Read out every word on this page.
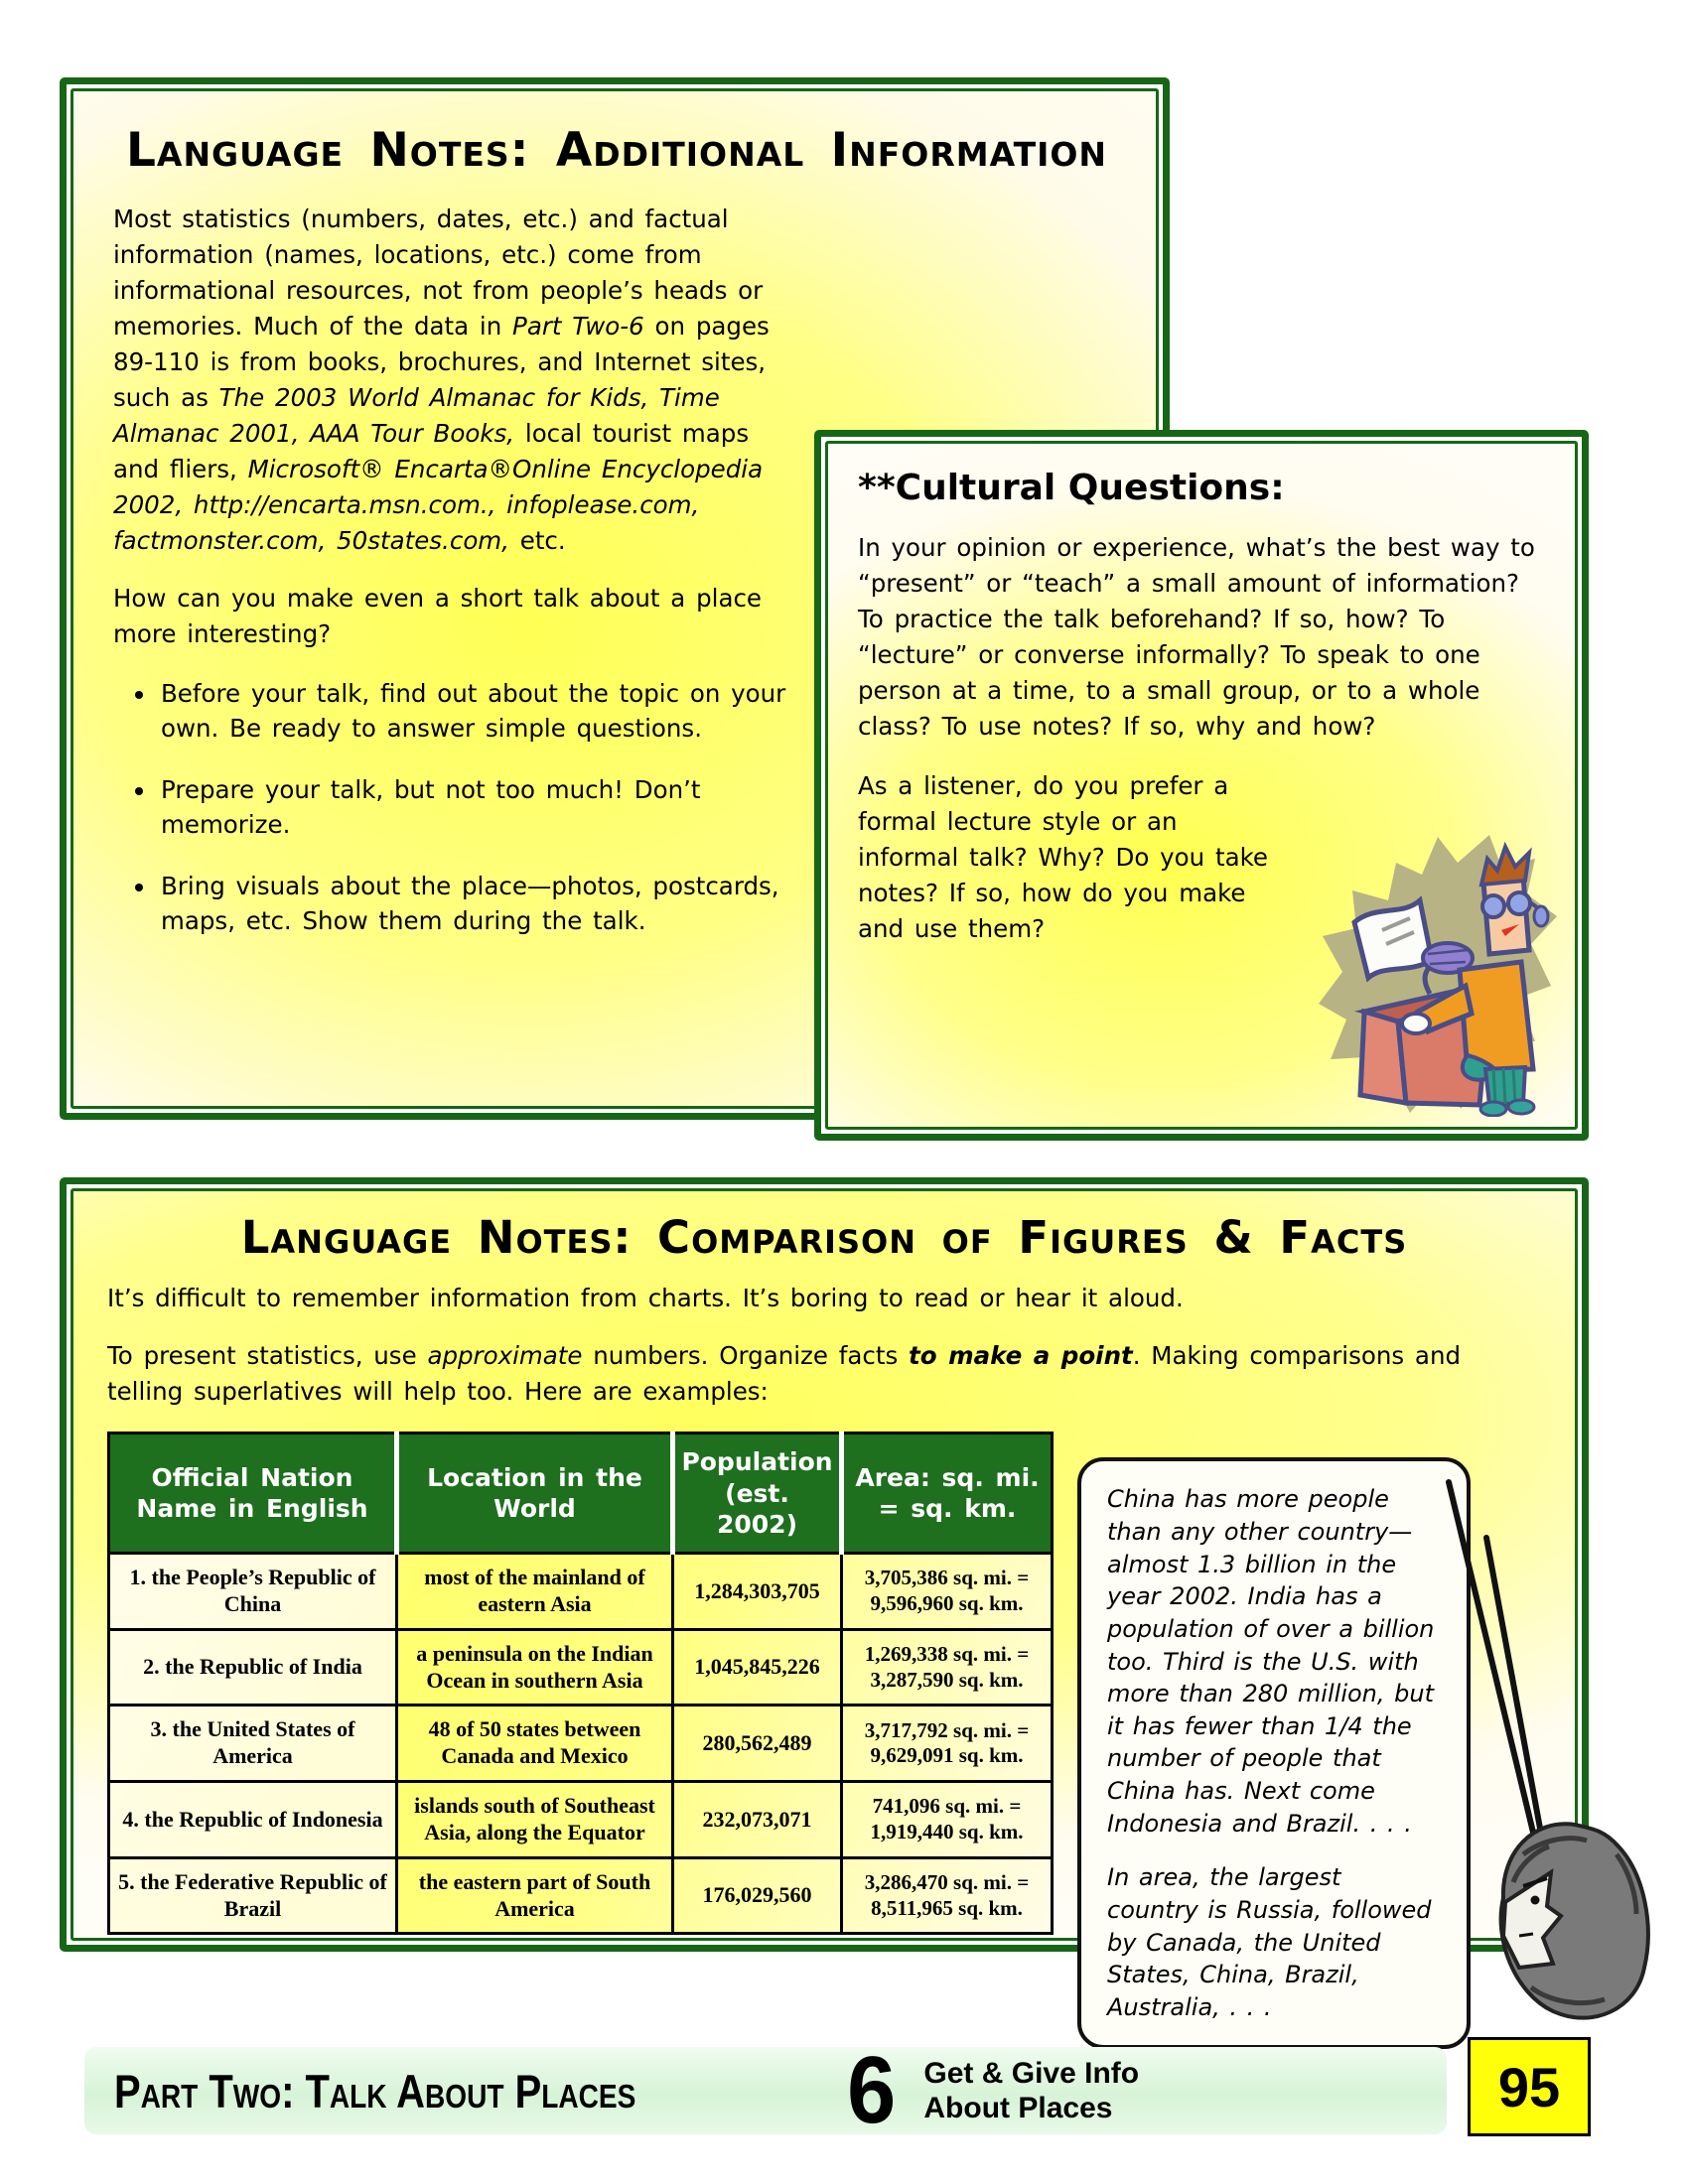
Language Notes: Additional Information

Most statistics (numbers, dates, etc.) and factual information (names, locations, etc.) come from informational resources, not from people’s heads or memories. Much of the data in Part Two-6 on pages 89-110 is from books, brochures, and Internet sites, such as The 2003 World Almanac for Kids, Time Almanac 2001, AAA Tour Books, local tourist maps and fliers, Microsoft® Encarta®Online Encyclopedia 2002, http://encarta.msn.com., infoplease.com, factmonster.com, 50states.com, etc.

How can you make even a short talk about a place more interesting?

• Before your talk, find out about the topic on your own. Be ready to answer simple questions.
• Prepare your talk, but not too much! Don’t memorize.
• Bring visuals about the place—photos, postcards, maps, etc. Show them during the talk.
**Cultural Questions:

In your opinion or experience, what’s the best way to “present” or “teach” a small amount of information? To practice the talk beforehand? If so, how? To “lecture” or converse informally? To speak to one person at a time, to a small group, or to a whole class? To use notes? If so, why and how?

As a listener, do you prefer a formal lecture style or an informal talk? Why? Do you take notes? If so, how do you make and use them?

Language Notes: Comparison of Figures & Facts

It’s difficult to remember information from charts. It’s boring to read or hear it aloud.

To present statistics, use approximate numbers. Organize facts to make a point. Making comparisons and telling superlatives will help too. Here are examples:

Official Nation Name in English	Location in the World	Population (est. 2002)	Area: sq. mi. = sq. km.
1. the People’s Republic of China	most of the mainland of eastern Asia	1,284,303,705	3,705,386 sq. mi. = 9,596,960 sq. km.
2. the Republic of India	a peninsula on the Indian Ocean in southern Asia	1,045,845,226	1,269,338 sq. mi. = 3,287,590 sq. km.
3. the United States of America	48 of 50 states between Canada and Mexico	280,562,489	3,717,792 sq. mi. = 9,629,091 sq. km.
4. the Republic of Indonesia	islands south of Southeast Asia, along the Equator	232,073,071	741,096 sq. mi. = 1,919,440 sq. km.
5. the Federative Republic of Brazil	the eastern part of South America	176,029,560	3,286,470 sq. mi. = 8,511,965 sq. km.

China has more people than any other country—almost 1.3 billion in the year 2002. India has a population of over a billion too. Third is the U.S. with more than 280 million, but it has fewer than 1/4 the number of people that China has. Next come Indonesia and Brazil. . . .

In area, the largest country is Russia, followed by Canada, the United States, China, Brazil, Australia, . . .

Part Two: Talk About Places 6 Get & Give Info
About Places	95
